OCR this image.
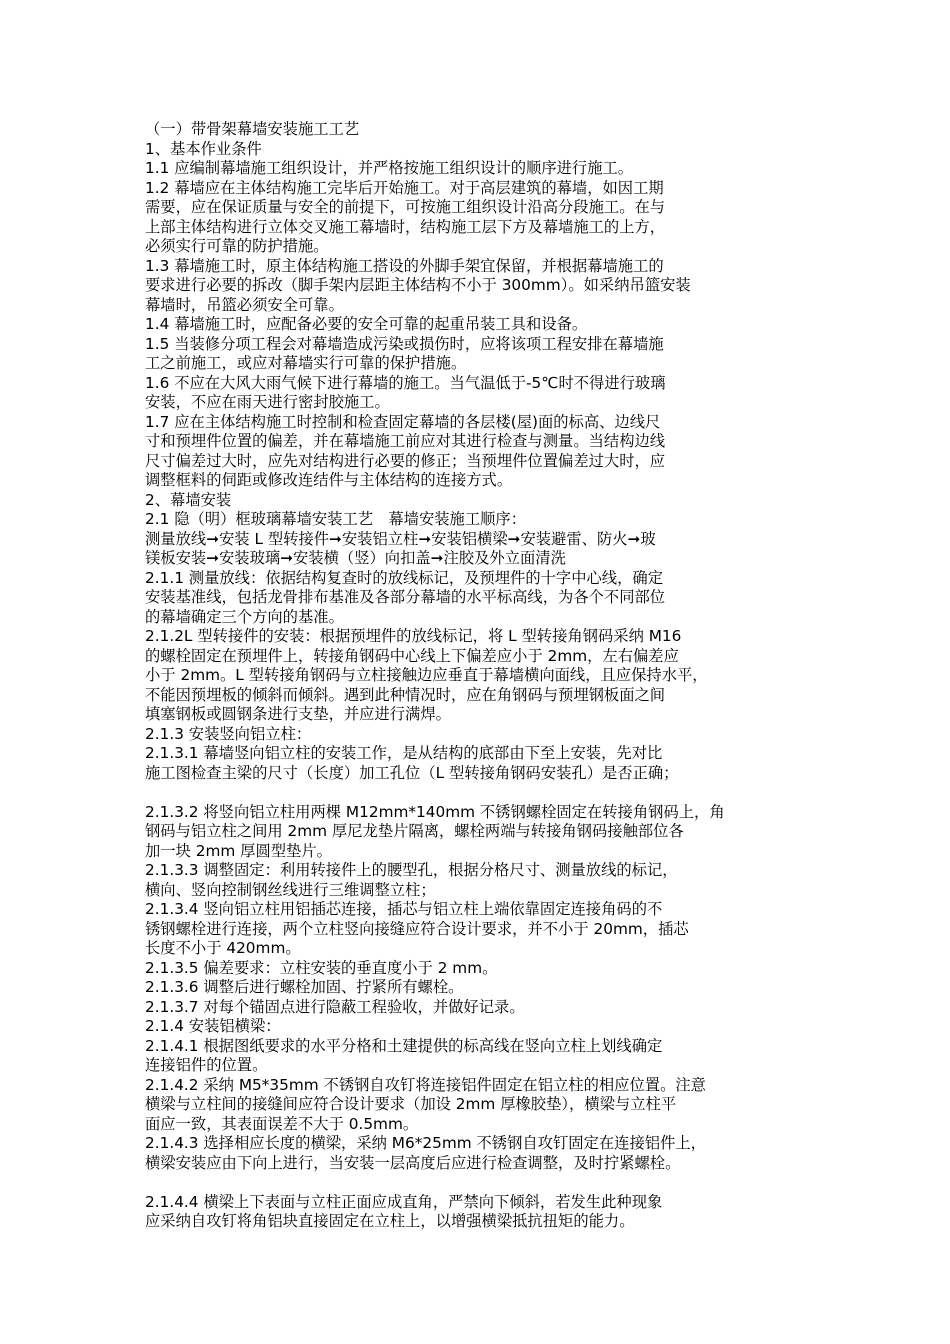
（一）带骨架幕墙安装施工工艺
1、基本作业条件
1.1 应编制幕墙施工组织设计，并严格按施工组织设计的顺序进行施工。
1.2 幕墙应在主体结构施工完毕后开始施工。对于高层建筑的幕墙，如因工期
需要，应在保证质量与安全的前提下，可按施工组织设计沿高分段施工。在与
上部主体结构进行立体交叉施工幕墙时，结构施工层下方及幕墙施工的上方，
必须实行可靠的防护措施。
1.3 幕墙施工时，原主体结构施工搭设的外脚手架宜保留，并根据幕墙施工的
要求进行必要的拆改（脚手架内层距主体结构不小于 300mm）。如采纳吊篮安装
幕墙时，吊篮必须安全可靠。
1.4 幕墙施工时，应配备必要的安全可靠的起重吊装工具和设备。
1.5 当装修分项工程会对幕墙造成污染或损伤时，应将该项工程安排在幕墙施
工之前施工，或应对幕墙实行可靠的保护措施。
1.6 不应在大风大雨气候下进行幕墙的施工。当气温低于-5℃时不得进行玻璃
安装，不应在雨天进行密封胶施工。
1.7 应在主体结构施工时控制和检查固定幕墙的各层楼(屋)面的标高、边线尺
寸和预埋件位置的偏差，并在幕墙施工前应对其进行检查与测量。当结构边线
尺寸偏差过大时，应先对结构进行必要的修正；当预埋件位置偏差过大时，应
调整框料的伺距或修改连结件与主体结构的连接方式。
2、幕墙安装
2.1 隐（明）框玻璃幕墙安装工艺　幕墙安装施工顺序：
测量放线➞安装 L 型转接件➞安装铝立柱➞安装铝横梁➞安装避雷、防火➞玻
镁板安装➞安装玻璃➞安装横（竖）向扣盖➞注胶及外立面清洗
2.1.1 测量放线：依据结构复查时的放线标记，及预埋件的十字中心线，确定
安装基准线，包括龙骨排布基准及各部分幕墙的水平标高线，为各个不同部位
的幕墙确定三个方向的基准。
2.1.2L 型转接件的安装：根据预埋件的放线标记，将 L 型转接角钢码采纳 M16
的螺栓固定在预埋件上，转接角钢码中心线上下偏差应小于 2mm，左右偏差应
小于 2mm。L 型转接角钢码与立柱接触边应垂直于幕墙横向面线，且应保持水平，
不能因预埋板的倾斜而倾斜。遇到此种情况时，应在角钢码与预埋钢板面之间
填塞钢板或圆钢条进行支垫，并应进行满焊。
2.1.3 安装竖向铝立柱：
2.1.3.1 幕墙竖向铝立柱的安装工作，是从结构的底部由下至上安装，先对比
施工图检查主梁的尺寸（长度）加工孔位（L 型转接角钢码安装孔）是否正确；
2.1.3.2 将竖向铝立柱用两棵 M12mm*140mm 不锈钢螺栓固定在转接角钢码上，角
钢码与铝立柱之间用 2mm 厚尼龙垫片隔离，螺栓两端与转接角钢码接触部位各
加一块 2mm 厚圆型垫片。
2.1.3.3 调整固定：利用转接件上的腰型孔，根据分格尺寸、测量放线的标记，
横向、竖向控制钢丝线进行三维调整立柱；
2.1.3.4 竖向铝立柱用铝插芯连接，插芯与铝立柱上端依靠固定连接角码的不
锈钢螺栓进行连接，两个立柱竖向接缝应符合设计要求，并不小于 20mm，插芯
长度不小于 420mm。
2.1.3.5 偏差要求：立柱安装的垂直度小于 2 mm。
2.1.3.6 调整后进行螺栓加固、拧紧所有螺栓。
2.1.3.7 对每个锚固点进行隐蔽工程验收，并做好记录。
2.1.4 安装铝横梁：
2.1.4.1 根据图纸要求的水平分格和土建提供的标高线在竖向立柱上划线确定
连接铝件的位置。
2.1.4.2 采纳 M5*35mm 不锈钢自攻钉将连接铝件固定在铝立柱的相应位置。注意
横梁与立柱间的接缝间应符合设计要求（加设 2mm 厚橡胶垫），横梁与立柱平
面应一致，其表面误差不大于 0.5mm。
2.1.4.3 选择相应长度的横梁，采纳 M6*25mm 不锈钢自攻钉固定在连接铝件上，
横梁安装应由下向上进行，当安装一层高度后应进行检查调整，及时拧紧螺栓。
2.1.4.4 横梁上下表面与立柱正面应成直角，严禁向下倾斜，若发生此种现象
应采纳自攻钉将角铝块直接固定在立柱上，以增强横梁抵抗扭矩的能力。
